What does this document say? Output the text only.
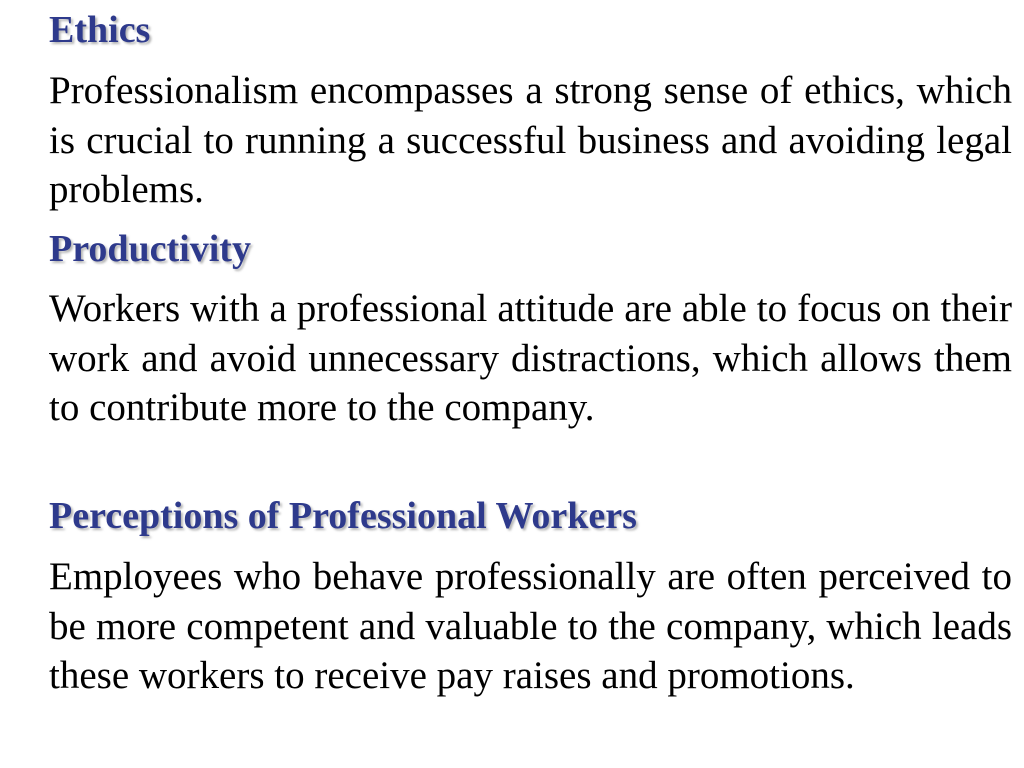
Ethics

Professionalism encompasses a strong sense of ethics, which is crucial to running a successful business and avoiding legal problems.

Productivity

Workers with a professional attitude are able to focus on their work and avoid unnecessary distractions, which allows them to contribute more to the company.

Perceptions of Professional Workers

Employees who behave professionally are often perceived to be more competent and valuable to the company, which leads these workers to receive pay raises and promotions.
